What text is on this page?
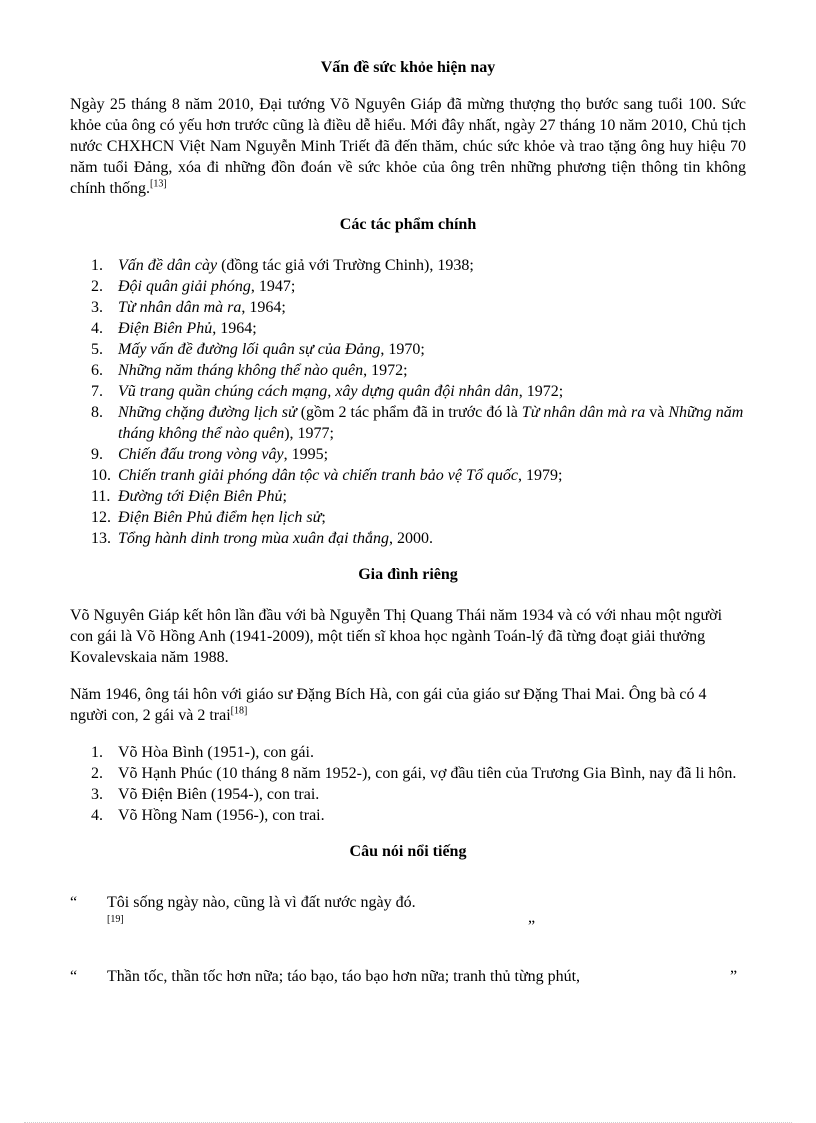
Vấn đề sức khỏe hiện nay

Ngày 25 tháng 8 năm 2010, Đại tướng Võ Nguyên Giáp đã mừng thượng thọ bước sang tuổi 100. Sức khỏe của ông có yếu hơn trước cũng là điều dễ hiểu. Mới đây nhất, ngày 27 tháng 10 năm 2010, Chủ tịch nước CHXHCN Việt Nam Nguyễn Minh Triết đã đến thăm, chúc sức khỏe và trao tặng ông huy hiệu 70 năm tuổi Đảng, xóa đi những đồn đoán về sức khỏe của ông trên những phương tiện thông tin không chính thống.[13]

Các tác phẩm chính
1. Vấn đề dân cày (đồng tác giả với Trường Chinh), 1938;
2. Đội quân giải phóng, 1947;
3. Từ nhân dân mà ra, 1964;
4. Điện Biên Phủ, 1964;
5. Mấy vấn đề đường lối quân sự của Đảng, 1970;
6. Những năm tháng không thể nào quên, 1972;
7. Vũ trang quần chúng cách mạng, xây dựng quân đội nhân dân, 1972;
8. Những chặng đường lịch sử (gồm 2 tác phẩm đã in trước đó là Từ nhân dân mà ra và Những năm tháng không thể nào quên), 1977;
9. Chiến đấu trong vòng vây, 1995;
10. Chiến tranh giải phóng dân tộc và chiến tranh bảo vệ Tổ quốc, 1979;
11. Đường tới Điện Biên Phủ;
12. Điện Biên Phủ điểm hẹn lịch sử;
13. Tổng hành dinh trong mùa xuân đại thắng, 2000.
Gia đình riêng

Võ Nguyên Giáp kết hôn lần đầu với bà Nguyễn Thị Quang Thái năm 1934 và có với nhau một người con gái là Võ Hồng Anh (1941-2009), một tiến sĩ khoa học ngành Toán-lý đã từng đoạt giải thưởng Kovalevskaia năm 1988.

Năm 1946, ông tái hôn với giáo sư Đặng Bích Hà, con gái của giáo sư Đặng Thai Mai. Ông bà có 4 người con, 2 gái và 2 trai[18]

1. Võ Hòa Bình (1951-), con gái.
2. Võ Hạnh Phúc (10 tháng 8 năm 1952-), con gái, vợ đầu tiên của Trương Gia Bình, nay đã li hôn.
3. Võ Điện Biên (1954-), con trai.
4. Võ Hồng Nam (1956-), con trai.
Câu nói nổi tiếng
“ Tôi sống ngày nào, cũng là vì đất nước ngày đó.
[19]	”
“ Thần tốc, thần tốc hơn nữa; táo bạo, táo bạo hơn nữa; tranh thủ từng phút,	”
